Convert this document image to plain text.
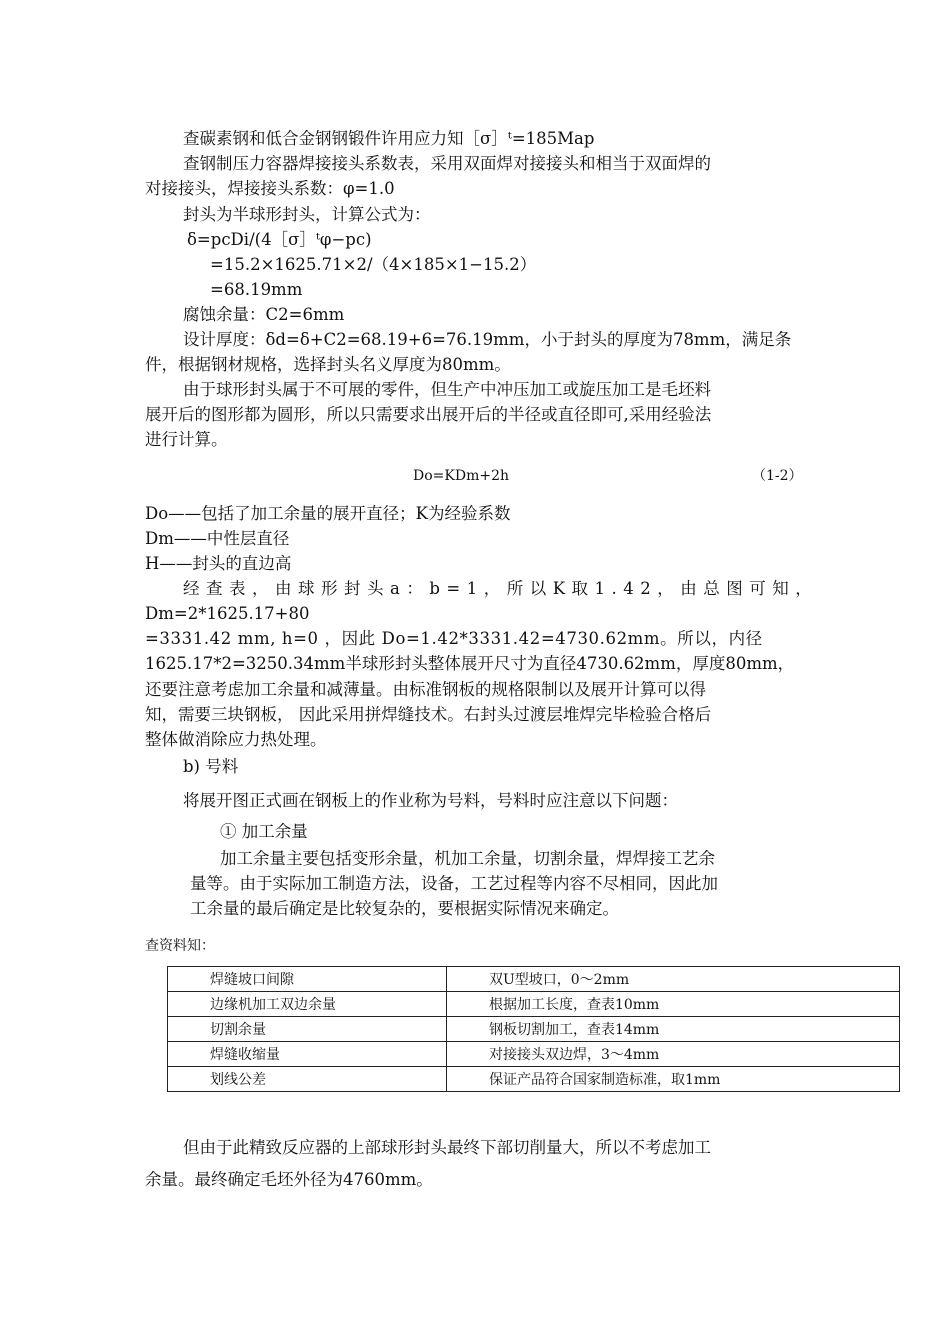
查碳素钢和低合金钢钢锻件许用应力知［σ］ᵗ=185Map
查钢制压力容器焊接接头系数表，采用双面焊对接接头和相当于双面焊的
对接接头，焊接接头系数：φ=1.0
封头为半球形封头，计算公式为：
δ=pcDi/(4［σ］ᵗφ−pc)
=15.2×1625.71×2/（4×185×1−15.2）
=68.19mm
腐蚀余量：C2=6mm
设计厚度：δd=δ+C2=68.19+6=76.19mm，小于封头的厚度为78mm，满足条
件，根据钢材规格，选择封头名义厚度为80mm。
由于球形封头属于不可展的零件，但生产中冲压加工或旋压加工是毛坯料
展开后的图形都为圆形，所以只需要求出展开后的半径或直径即可,采用经验法
进行计算。
Do=KDm+2h	（1-2）
Do——包括了加工余量的展开直径；K为经验系数
Dm——中性层直径
H——封头的直边高
经查表，由球形封头a：b=1，所以K取1.42，由总图可知，
Dm=2*1625.17+80
=3331.42 mm, h=0 ，因此 Do=1.42*3331.42=4730.62mm。所以，内径
1625.17*2=3250.34mm半球形封头整体展开尺寸为直径4730.62mm，厚度80mm，
还要注意考虑加工余量和减薄量。由标准钢板的规格限制以及展开计算可以得
知，需要三块钢板， 因此采用拼焊缝技术。右封头过渡层堆焊完毕检验合格后
整体做消除应力热处理。
b) 号料
将展开图正式画在钢板上的作业称为号料，号料时应注意以下问题：
① 加工余量
加工余量主要包括变形余量，机加工余量，切割余量，焊焊接工艺余
量等。由于实际加工制造方法，设备，工艺过程等内容不尽相同，因此加
工余量的最后确定是比较复杂的，要根据实际情况来确定。
查资料知：
焊缝坡口间隙	双U型坡口，0～2mm
边缘机加工双边余量	根据加工长度，查表10mm
切割余量	钢板切割加工，查表14mm
焊缝收缩量	对接接头双边焊，3～4mm
划线公差	保证产品符合国家制造标准，取1mm
但由于此精致反应器的上部球形封头最终下部切削量大，所以不考虑加工
余量。最终确定毛坯外径为4760mm。
